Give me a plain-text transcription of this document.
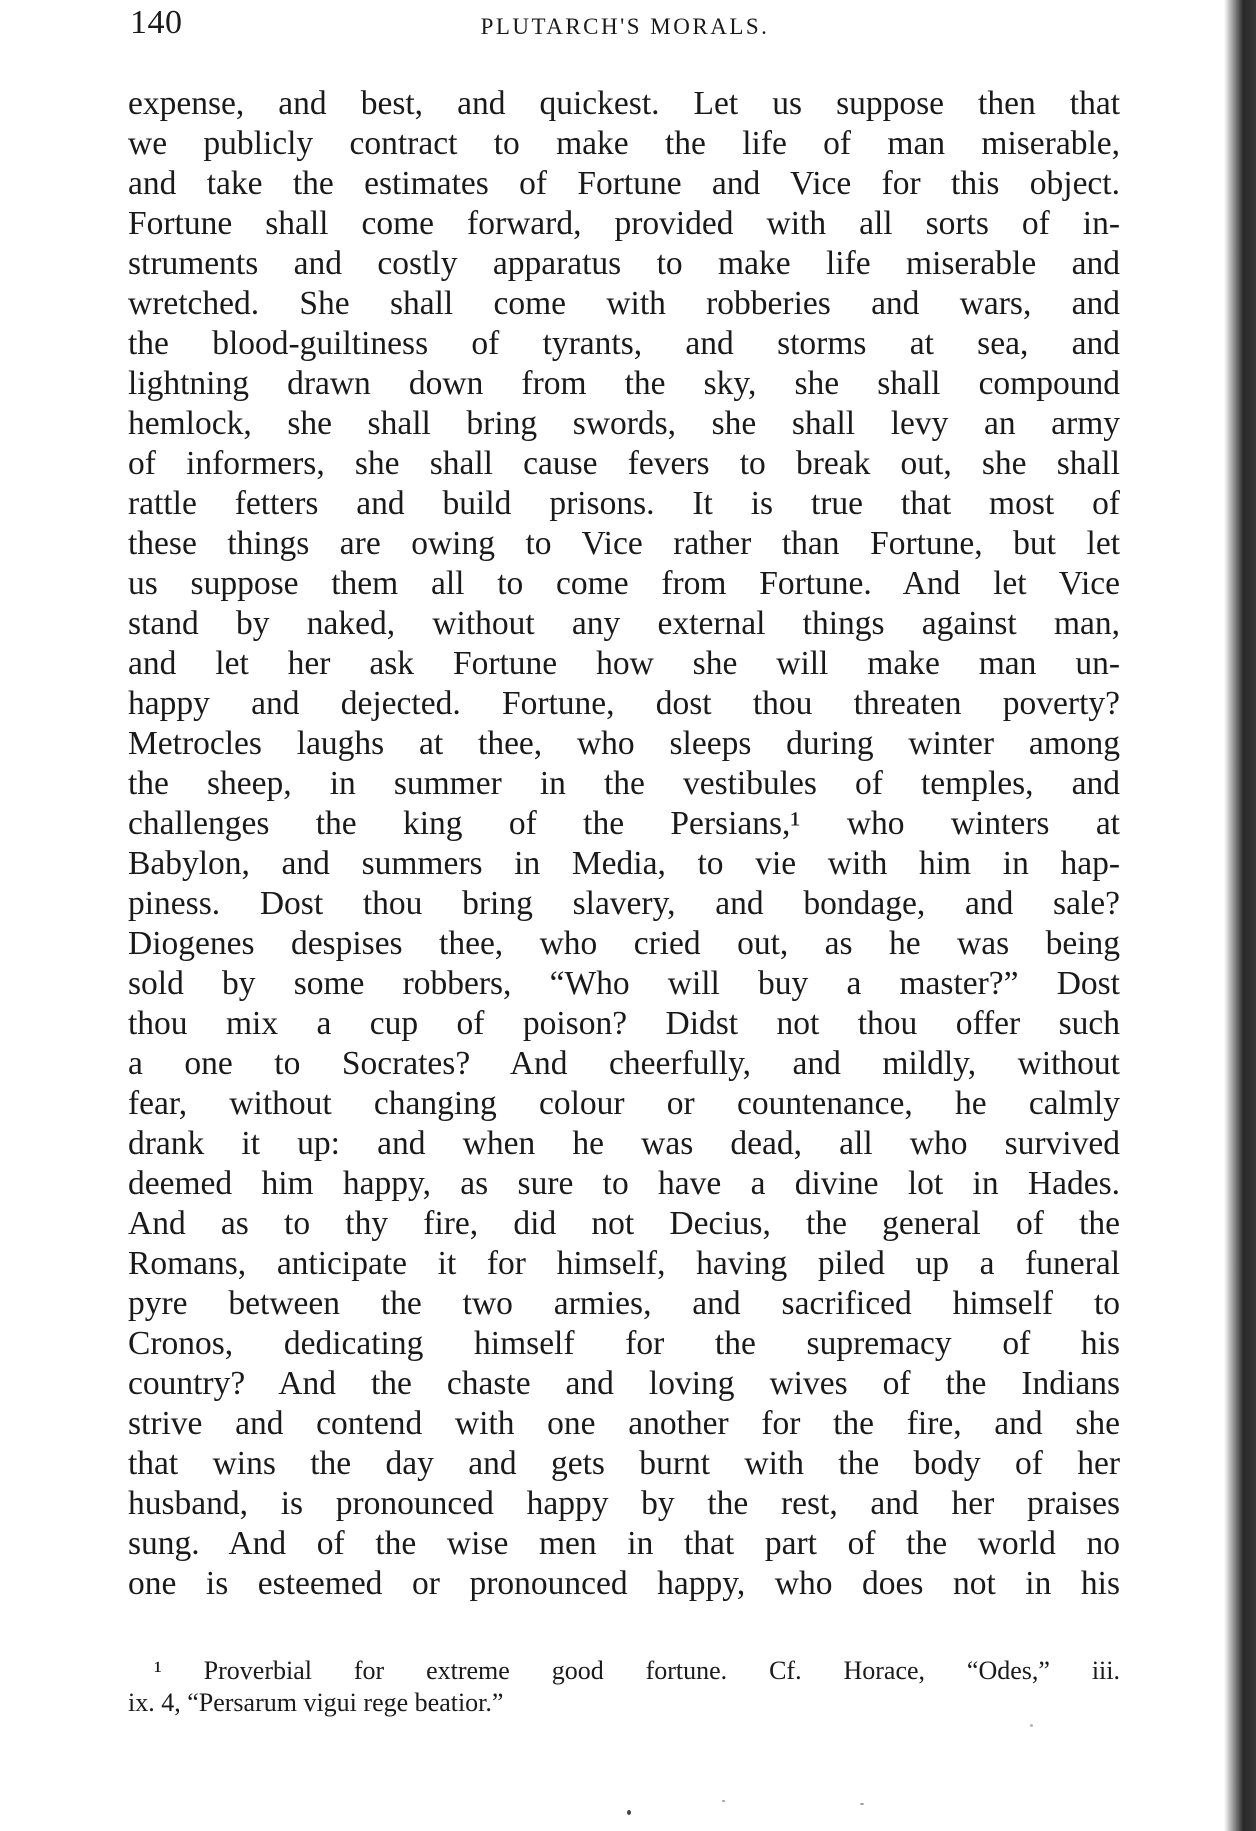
140	PLUTARCH'S MORALS.
expense, and best, and quickest. Let us suppose then that
we publicly contract to make the life of man miserable,
and take the estimates of Fortune and Vice for this object.
Fortune shall come forward, provided with all sorts of in-
struments and costly apparatus to make life miserable and
wretched. She shall come with robberies and wars, and
the blood-guiltiness of tyrants, and storms at sea, and
lightning drawn down from the sky, she shall compound
hemlock, she shall bring swords, she shall levy an army
of informers, she shall cause fevers to break out, she shall
rattle fetters and build prisons. It is true that most of
these things are owing to Vice rather than Fortune, but let
us suppose them all to come from Fortune. And let Vice
stand by naked, without any external things against man,
and let her ask Fortune how she will make man un-
happy and dejected. Fortune, dost thou threaten poverty?
Metrocles laughs at thee, who sleeps during winter among
the sheep, in summer in the vestibules of temples, and
challenges the king of the Persians,¹ who winters at
Babylon, and summers in Media, to vie with him in hap-
piness. Dost thou bring slavery, and bondage, and sale?
Diogenes despises thee, who cried out, as he was being
sold by some robbers, “Who will buy a master?” Dost
thou mix a cup of poison? Didst not thou offer such
a one to Socrates? And cheerfully, and mildly, without
fear, without changing colour or countenance, he calmly
drank it up: and when he was dead, all who survived
deemed him happy, as sure to have a divine lot in Hades.
And as to thy fire, did not Decius, the general of the
Romans, anticipate it for himself, having piled up a funeral
pyre between the two armies, and sacrificed himself to
Cronos, dedicating himself for the supremacy of his
country? And the chaste and loving wives of the Indians
strive and contend with one another for the fire, and she
that wins the day and gets burnt with the body of her
husband, is pronounced happy by the rest, and her praises
sung. And of the wise men in that part of the world no
one is esteemed or pronounced happy, who does not in his
¹ Proverbial for extreme good fortune. Cf. Horace, “Odes,” iii.
ix. 4, “Persarum vigui rege beatior.”
